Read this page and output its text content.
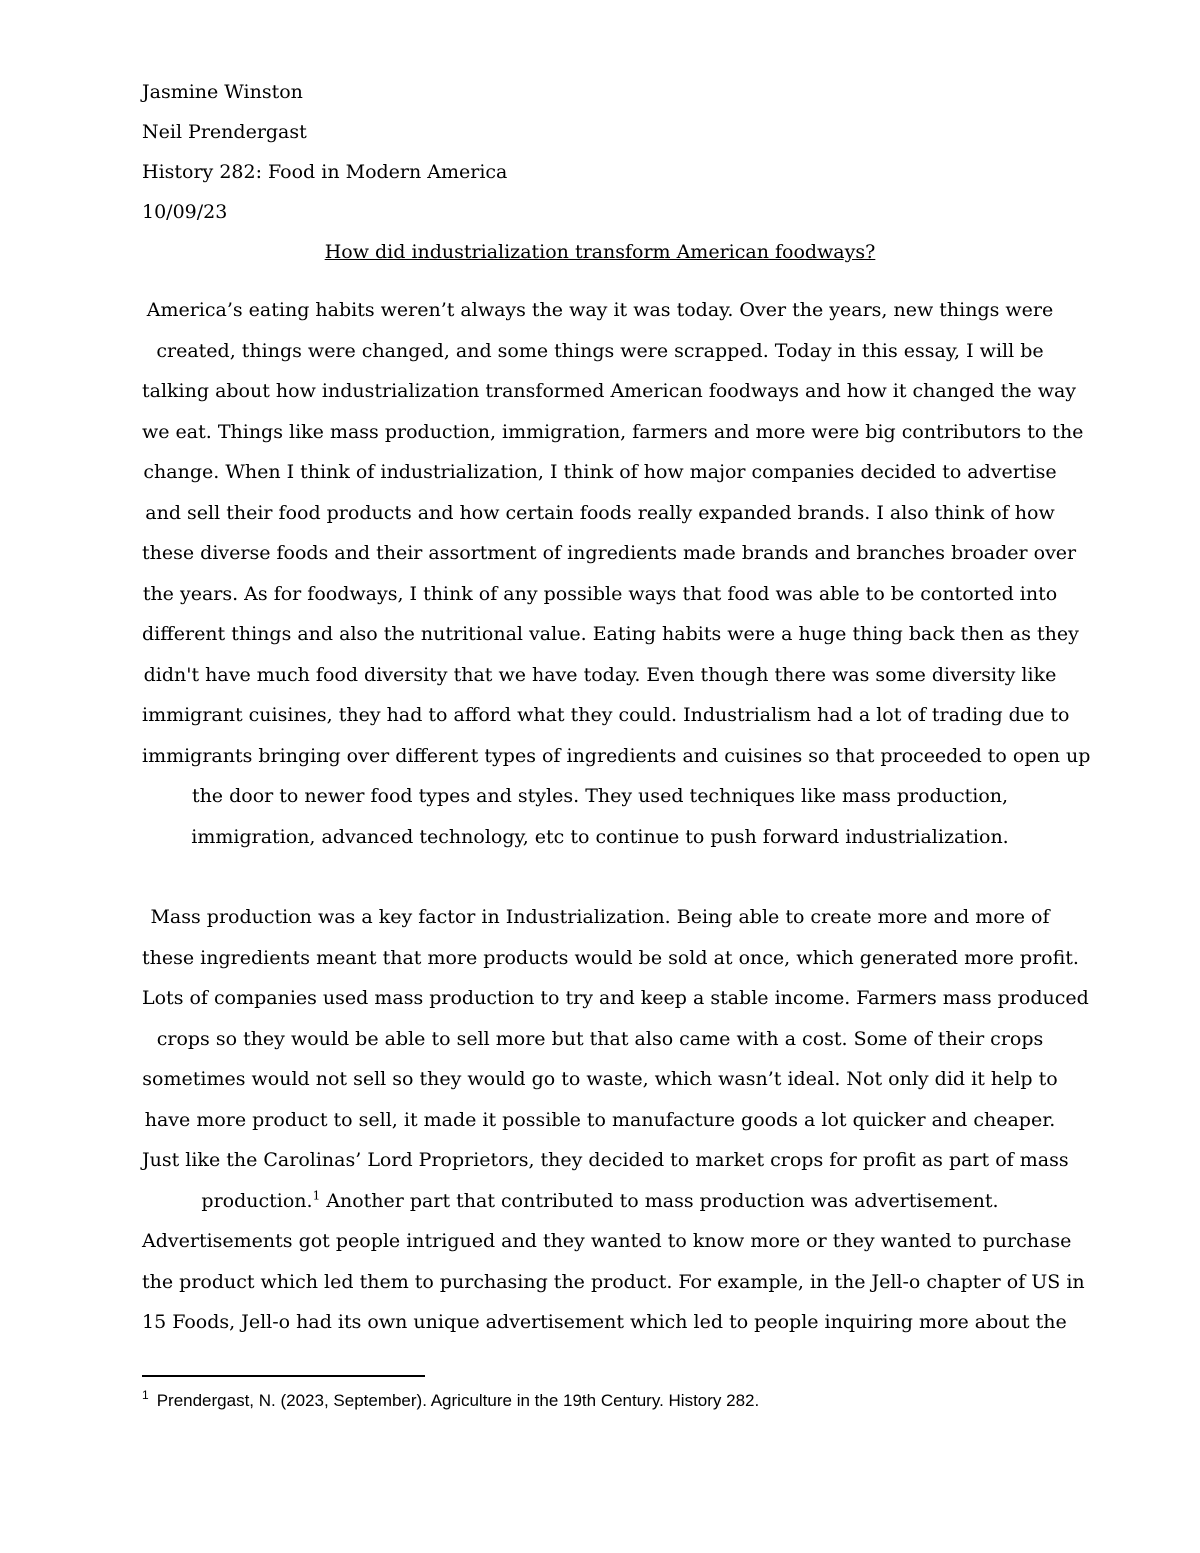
Jasmine Winston
Neil Prendergast
History 282: Food in Modern America
10/09/23
How did industrialization transform American foodways?
America’s eating habits weren’t always the way it was today. Over the years, new things were
created, things were changed, and some things were scrapped. Today in this essay, I will be
talking about how industrialization transformed American foodways and how it changed the way
we eat. Things like mass production, immigration, farmers and more were big contributors to the
change. When I think of industrialization, I think of how major companies decided to advertise
and sell their food products and how certain foods really expanded brands. I also think of how
these diverse foods and their assortment of ingredients made brands and branches broader over
the years. As for foodways, I think of any possible ways that food was able to be contorted into
different things and also the nutritional value. Eating habits were a huge thing back then as they
didn't have much food diversity that we have today. Even though there was some diversity like
immigrant cuisines, they had to afford what they could. Industrialism had a lot of trading due to
immigrants bringing over different types of ingredients and cuisines so that proceeded to open up
the door to newer food types and styles. They used techniques like mass production,
immigration, advanced technology, etc to continue to push forward industrialization.
Mass production was a key factor in Industrialization. Being able to create more and more of
these ingredients meant that more products would be sold at once, which generated more profit.
Lots of companies used mass production to try and keep a stable income. Farmers mass produced
crops so they would be able to sell more but that also came with a cost. Some of their crops
sometimes would not sell so they would go to waste, which wasn’t ideal. Not only did it help to
have more product to sell, it made it possible to manufacture goods a lot quicker and cheaper.
Just like the Carolinas’ Lord Proprietors, they decided to market crops for profit as part of mass
production.$^1$ Another part that contributed to mass production was advertisement.
Advertisements got people intrigued and they wanted to know more or they wanted to purchase
the product which led them to purchasing the product. For example, in the Jell-o chapter of US in
15 Foods, Jell-o had its own unique advertisement which led to people inquiring more about the
$^1$ Prendergast, N. (2023, September). Agriculture in the 19th Century. History 282.
